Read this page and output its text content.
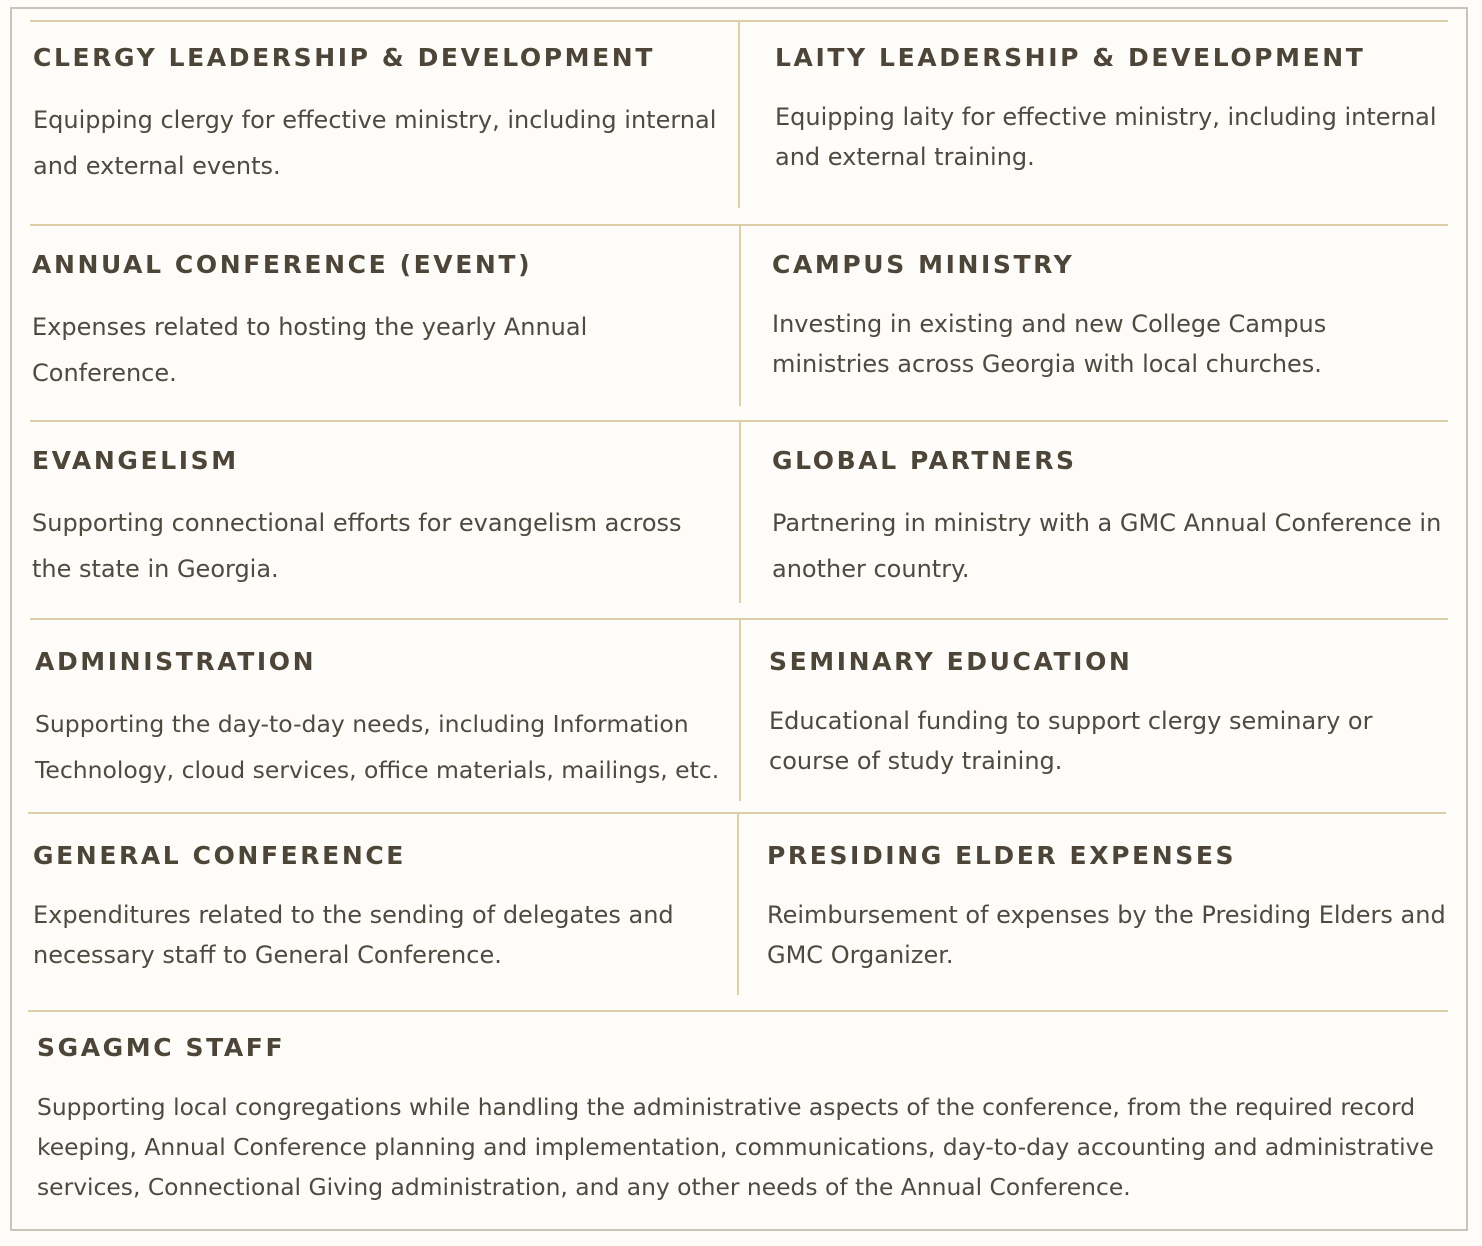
CLERGY LEADERSHIP & DEVELOPMENT
Equipping clergy for effective ministry, including internal and external events.
LAITY LEADERSHIP & DEVELOPMENT
Equipping laity for effective ministry, including internal and external training.
ANNUAL CONFERENCE (EVENT)
Expenses related to hosting the yearly Annual Conference.
CAMPUS MINISTRY
Investing in existing and new College Campus ministries across Georgia with local churches.
EVANGELISM
Supporting connectional efforts for evangelism across the state in Georgia.
GLOBAL PARTNERS
Partnering in ministry with a GMC Annual Conference in another country.
ADMINISTRATION
Supporting the day-to-day needs, including Information Technology, cloud services, office materials, mailings, etc.
SEMINARY EDUCATION
Educational funding to support clergy seminary or course of study training.
GENERAL CONFERENCE
Expenditures related to the sending of delegates and necessary staff to General Conference.
PRESIDING ELDER EXPENSES
Reimbursement of expenses by the Presiding Elders and GMC Organizer.
SGAGMC STAFF
Supporting local congregations while handling the administrative aspects of the conference, from the required record keeping, Annual Conference planning and implementation, communications, day-to-day accounting and administrative services, Connectional Giving administration, and any other needs of the Annual Conference.
